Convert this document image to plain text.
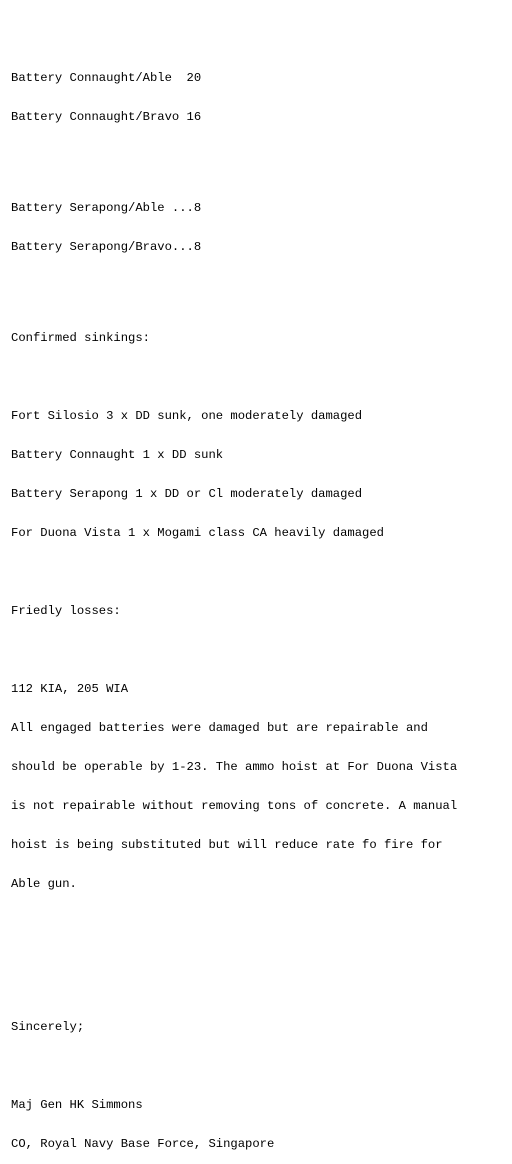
Battery Connaught/Able  20

Battery Connaught/Bravo 16

Battery Serapong/Able ...8

Battery Serapong/Bravo...8

Confirmed sinkings:

Fort Silosio 3 x DD sunk, one moderately damaged

Battery Connaught 1 x DD sunk

Battery Serapong 1 x DD or Cl moderately damaged

For Duona Vista 1 x Mogami class CA heavily damaged

Friedly losses:

112 KIA, 205 WIA

All engaged batteries were damaged but are repairable and

should be operable by 1-23. The ammo hoist at For Duona Vista

is not repairable without removing tons of concrete. A manual

hoist is being substituted but will reduce rate fo fire for

Able gun.

Sincerely;

Maj Gen HK Simmons

CO, Royal Navy Base Force, Singapore
